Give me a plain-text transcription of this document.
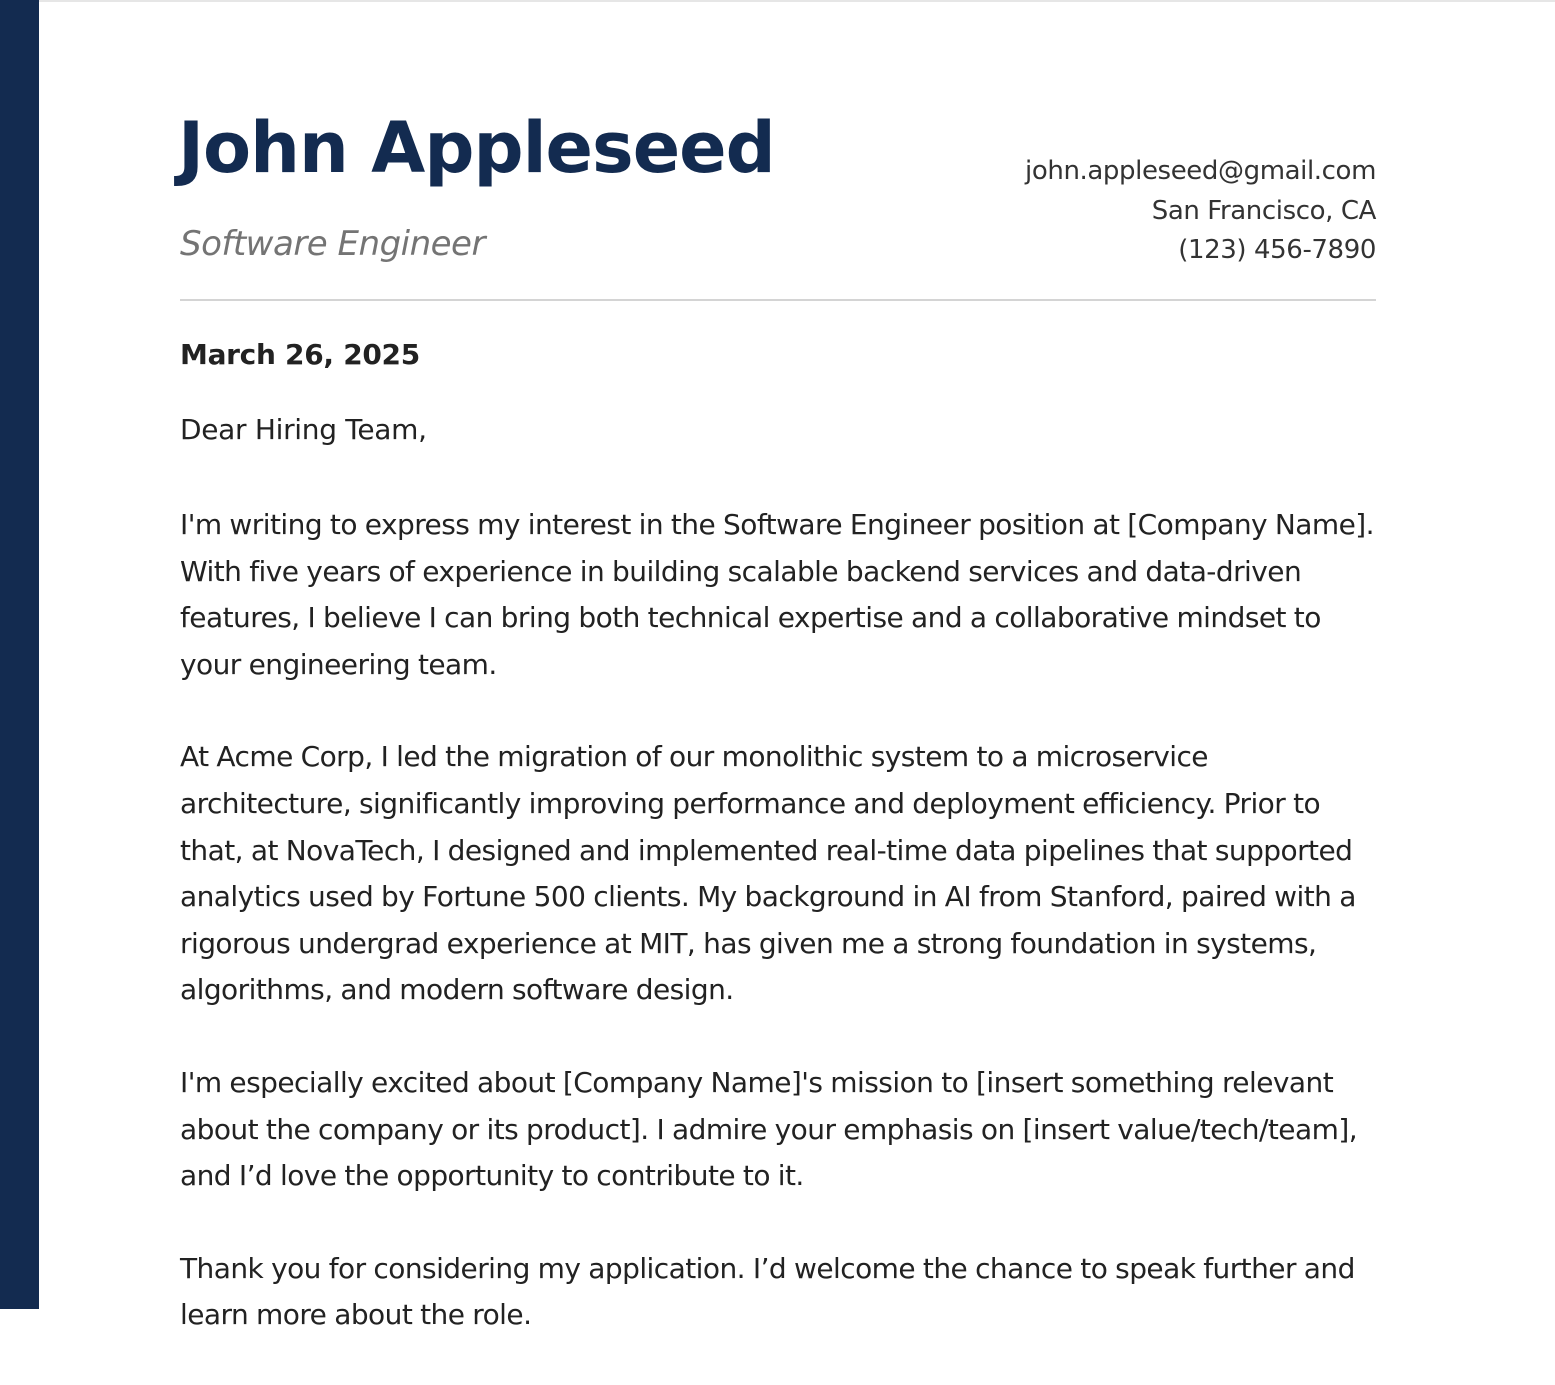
John Appleseed
Software Engineer
john.appleseed@gmail.com
San Francisco, CA
(123) 456-7890
March 26, 2025
Dear Hiring Team,

I'm writing to express my interest in the Software Engineer position at [Company Name]. With five years of experience in building scalable backend services and data-driven features, I believe I can bring both technical expertise and a collaborative mindset to your engineering team.

At Acme Corp, I led the migration of our monolithic system to a microservice architecture, significantly improving performance and deployment efficiency. Prior to that, at NovaTech, I designed and implemented real-time data pipelines that supported analytics used by Fortune 500 clients. My background in AI from Stanford, paired with a rigorous undergrad experience at MIT, has given me a strong foundation in systems, algorithms, and modern software design.

I'm especially excited about [Company Name]'s mission to [insert something relevant about the company or its product]. I admire your emphasis on [insert value/tech/team], and I’d love the opportunity to contribute to it.

Thank you for considering my application. I’d welcome the chance to speak further and learn more about the role.
